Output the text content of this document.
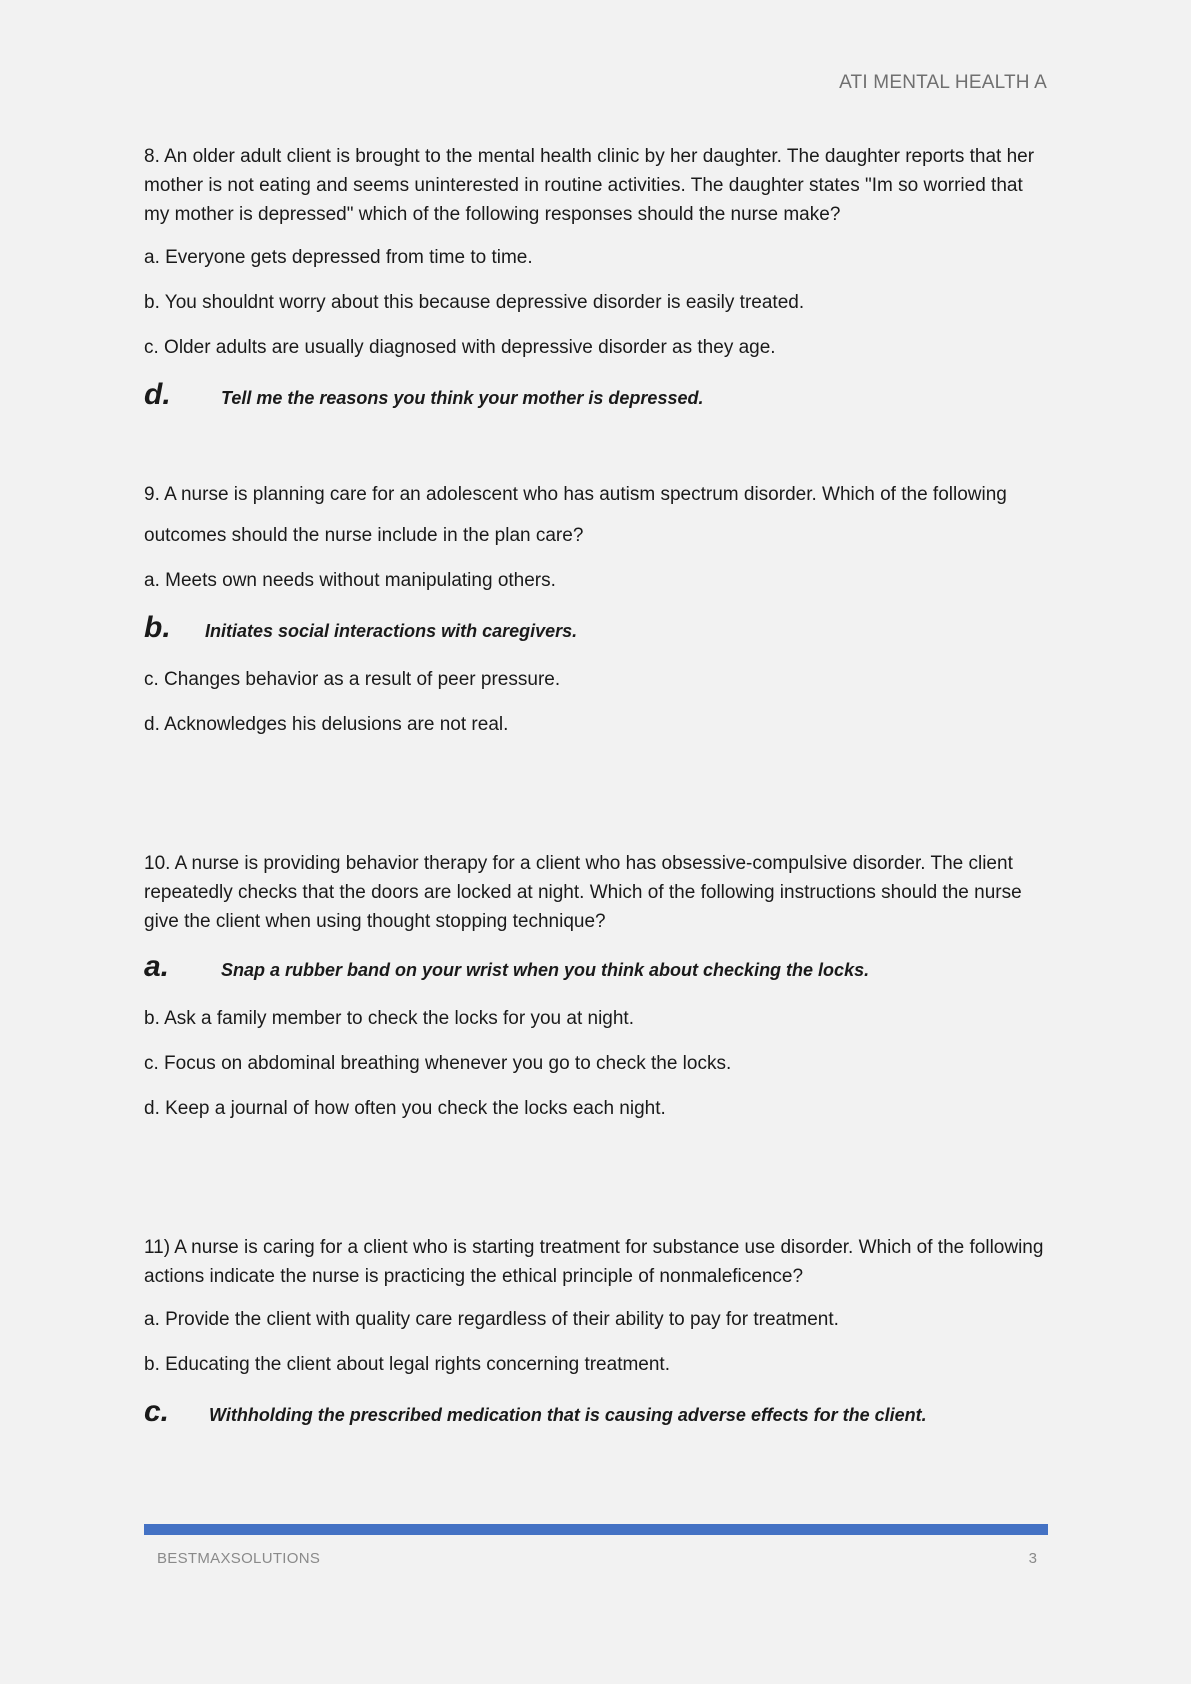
ATI MENTAL HEALTH A

8. An older adult client is brought to the mental health clinic by her daughter. The daughter reports that her mother is not eating and seems uninterested in routine activities. The daughter states "Im so worried that my mother is depressed" which of the following responses should the nurse make?

a. Everyone gets depressed from time to time.

b. You shouldnt worry about this because depressive disorder is easily treated.

c. Older adults are usually diagnosed with depressive disorder as they age.

d.	Tell me the reasons you think your mother is depressed.

9. A nurse is planning care for an adolescent who has autism spectrum disorder. Which of the following

outcomes should the nurse include in the plan care?

a. Meets own needs without manipulating others.

b.	Initiates social interactions with caregivers.

c. Changes behavior as a result of peer pressure.

d. Acknowledges his delusions are not real.

10. A nurse is providing behavior therapy for a client who has obsessive-compulsive disorder. The client repeatedly checks that the doors are locked at night. Which of the following instructions should the nurse give the client when using thought stopping technique?

a.	Snap a rubber band on your wrist when you think about checking the locks.

b. Ask a family member to check the locks for you at night.

c. Focus on abdominal breathing whenever you go to check the locks.

d. Keep a journal of how often you check the locks each night.

11) A nurse is caring for a client who is starting treatment for substance use disorder. Which of the following actions indicate the nurse is practicing the ethical principle of nonmaleficence?

a. Provide the client with quality care regardless of their ability to pay for treatment.

b. Educating the client about legal rights concerning treatment.

c.	Withholding the prescribed medication that is causing adverse effects for the client.
BESTMAXSOLUTIONS	3
